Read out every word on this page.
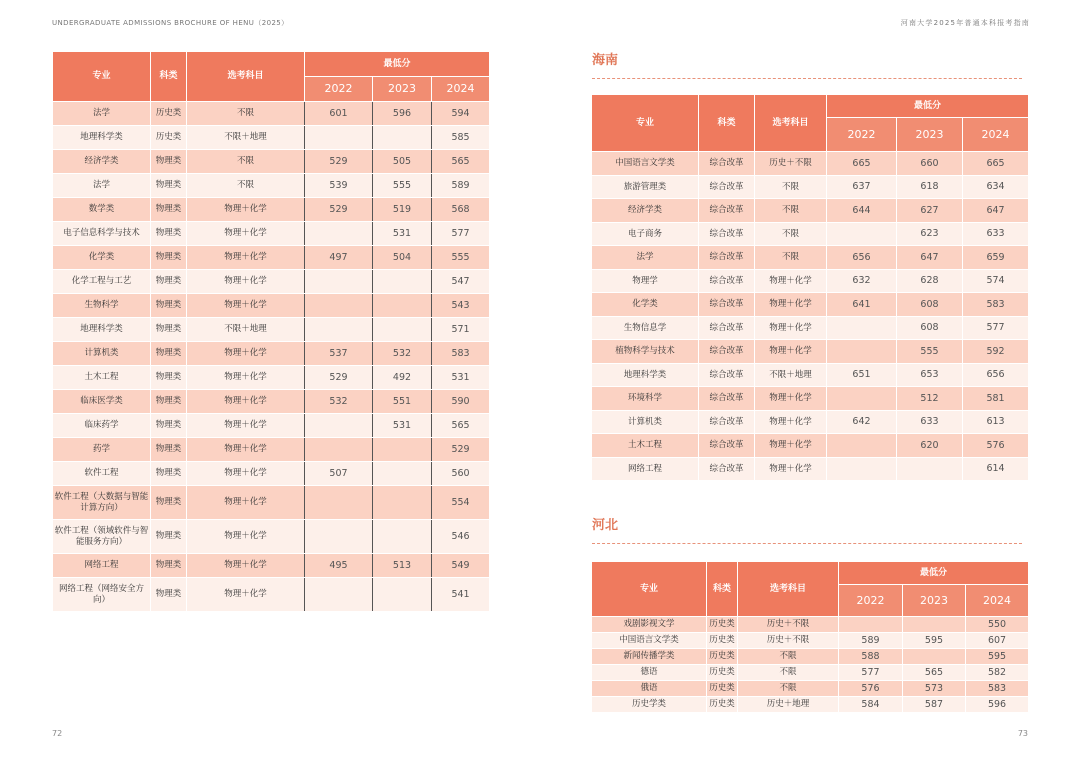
UNDERGRADUATE ADMISSIONS BROCHURE OF HENU（2025）	河南大学2025年普通本科报考指南
专业	科类	选考科目	最低分		
			2022	2023	2024
法学	历史类	不限	601	596	594
地理科学类	历史类	不限＋地理			585
经济学类	物理类	不限	529	505	565
法学	物理类	不限	539	555	589
数学类	物理类	物理＋化学	529	519	568
电子信息科学与技术	物理类	物理＋化学		531	577
化学类	物理类	物理＋化学	497	504	555
化学工程与工艺	物理类	物理＋化学			547
生物科学	物理类	物理＋化学			543
地理科学类	物理类	不限＋地理			571
计算机类	物理类	物理＋化学	537	532	583
土木工程	物理类	物理＋化学	529	492	531
临床医学类	物理类	物理＋化学	532	551	590
临床药学	物理类	物理＋化学		531	565
药学	物理类	物理＋化学			529
软件工程	物理类	物理＋化学	507		560
软件工程（大数据与智能计算方向）	物理类	物理＋化学			554
软件工程（领域软件与智能服务方向）	物理类	物理＋化学			546
网络工程	物理类	物理＋化学	495	513	549
网络工程（网络安全方向）	物理类	物理＋化学			541
海南
专业	科类	选考科目	最低分		
			2022	2023	2024
中国语言文学类	综合改革	历史＋不限	665	660	665
旅游管理类	综合改革	不限	637	618	634
经济学类	综合改革	不限	644	627	647
电子商务	综合改革	不限		623	633
法学	综合改革	不限	656	647	659
物理学	综合改革	物理＋化学	632	628	574
化学类	综合改革	物理＋化学	641	608	583
生物信息学	综合改革	物理＋化学		608	577
植物科学与技术	综合改革	物理＋化学		555	592
地理科学类	综合改革	不限＋地理	651	653	656
环境科学	综合改革	物理＋化学		512	581
计算机类	综合改革	物理＋化学	642	633	613
土木工程	综合改革	物理＋化学		620	576
网络工程	综合改革	物理＋化学			614
河北
专业	科类	选考科目	最低分		
			2022	2023	2024
戏剧影视文学	历史类	历史＋不限			550
中国语言文学类	历史类	历史＋不限	589	595	607
新闻传播学类	历史类	不限	588		595
德语	历史类	不限	577	565	582
俄语	历史类	不限	576	573	583
历史学类	历史类	历史＋地理	584	587	596
72	73
